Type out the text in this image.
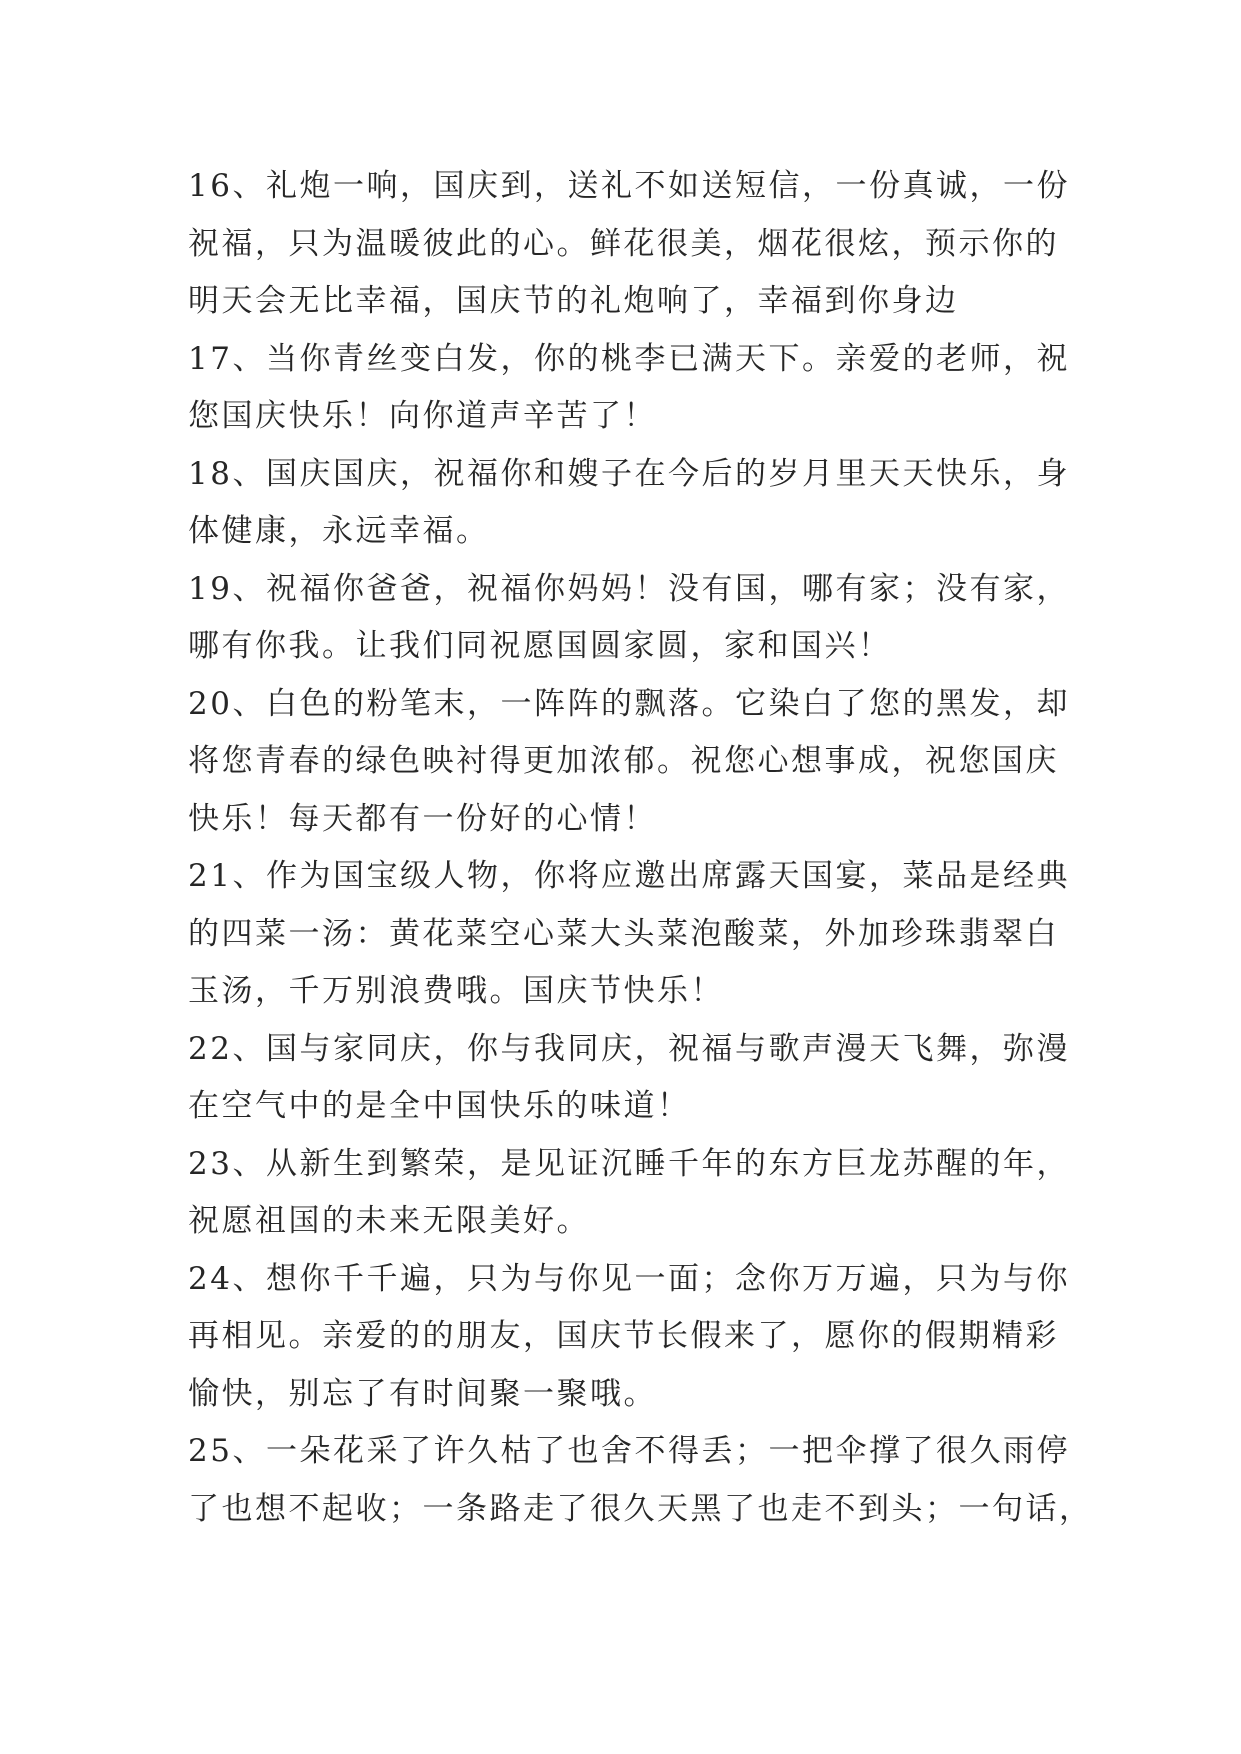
16、礼炮一响，国庆到，送礼不如送短信，一份真诚，一份
祝福，只为温暖彼此的心。鲜花很美，烟花很炫，预示你的
明天会无比幸福，国庆节的礼炮响了，幸福到你身边
17、当你青丝变白发，你的桃李已满天下。亲爱的老师，祝
您国庆快乐！向你道声辛苦了！
18、国庆国庆，祝福你和嫂子在今后的岁月里天天快乐，身
体健康，永远幸福。
19、祝福你爸爸，祝福你妈妈！没有国，哪有家；没有家，
哪有你我。让我们同祝愿国圆家圆，家和国兴！
20、白色的粉笔末，一阵阵的飘落。它染白了您的黑发，却
将您青春的绿色映衬得更加浓郁。祝您心想事成，祝您国庆
快乐！每天都有一份好的心情！
21、作为国宝级人物，你将应邀出席露天国宴，菜品是经典
的四菜一汤：黄花菜空心菜大头菜泡酸菜，外加珍珠翡翠白
玉汤，千万别浪费哦。国庆节快乐！
22、国与家同庆，你与我同庆，祝福与歌声漫天飞舞，弥漫
在空气中的是全中国快乐的味道！
23、从新生到繁荣，是见证沉睡千年的东方巨龙苏醒的年，
祝愿祖国的未来无限美好。
24、想你千千遍，只为与你见一面；念你万万遍，只为与你
再相见。亲爱的的朋友，国庆节长假来了，愿你的假期精彩
愉快，别忘了有时间聚一聚哦。
25、一朵花采了许久枯了也舍不得丢；一把伞撑了很久雨停
了也想不起收；一条路走了很久天黑了也走不到头；一句话，
